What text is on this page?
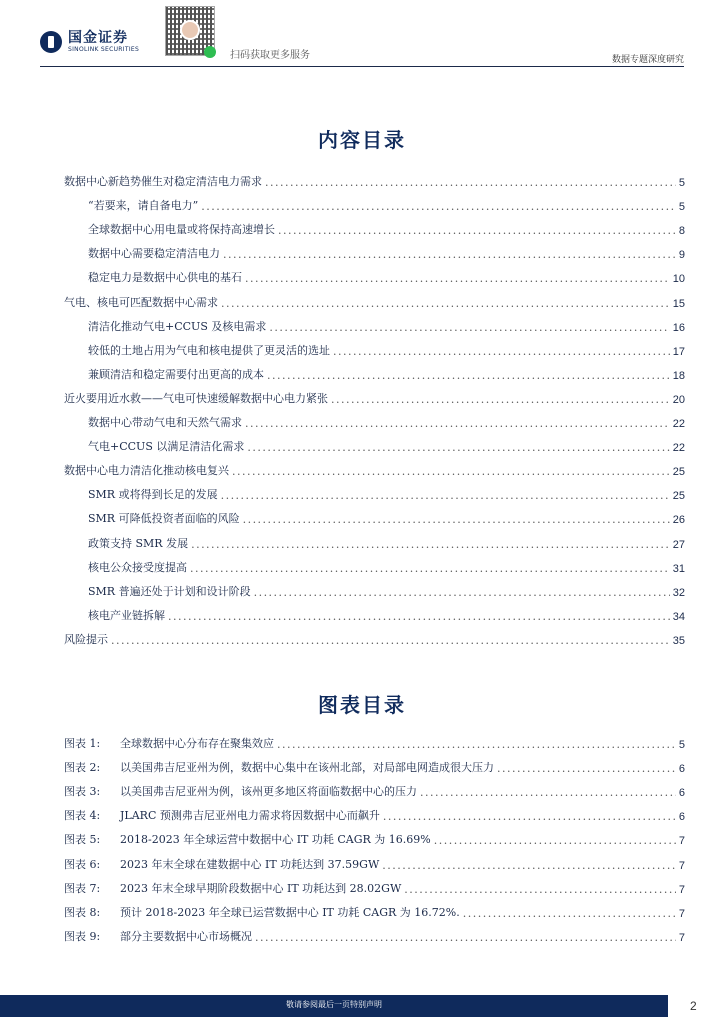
国金证券
SINOLINK SECURITIES
扫码获取更多服务	数据专题深度研究
内容目录
数据中心新趋势催生对稳定清洁电力需求 . . .	5
“若要来，请自备电力” . . .	5
全球数据中心用电量或将保持高速增长 . . .	8
数据中心需要稳定清洁电力 . . .	9
稳定电力是数据中心供电的基石 . . .	10
气电、核电可匹配数据中心需求 . . .	15
清洁化推动气电+CCUS 及核电需求 . . .	16
较低的土地占用为气电和核电提供了更灵活的选址 . . .	17
兼顾清洁和稳定需要付出更高的成本 . . .	18
近火要用近水救——气电可快速缓解数据中心电力紧张 . . .	20
数据中心带动气电和天然气需求 . . .	22
气电+CCUS 以满足清洁化需求 . . .	22
数据中心电力清洁化推动核电复兴 . . .	25
SMR 或将得到长足的发展 . . .	25
SMR 可降低投资者面临的风险 . . .	26
政策支持 SMR 发展 . . .	27
核电公众接受度提高 . . .	31
SMR 普遍还处于计划和设计阶段 . . .	32
核电产业链拆解 . . .	34
风险提示 . . .	35
图表目录
图表 1: 全球数据中心分布存在聚集效应 . . .	5
图表 2: 以美国弗吉尼亚州为例，数据中心集中在该州北部，对局部电网造成很大压力 . . .	6
图表 3: 以美国弗吉尼亚州为例，该州更多地区将面临数据中心的压力 . . .	6
图表 4: JLARC 预测弗吉尼亚州电力需求将因数据中心而飙升 . . .	6
图表 5: 2018-2023 年全球运营中数据中心 IT 功耗 CAGR 为 16.69% . . .	7
图表 6: 2023 年末全球在建数据中心 IT 功耗达到 37.59GW . . .	7
图表 7: 2023 年末全球早期阶段数据中心 IT 功耗达到 28.02GW . . .	7
图表 8: 预计 2018-2023 年全球已运营数据中心 IT 功耗 CAGR 为 16.72%. . . .	7
图表 9: 部分主要数据中心市场概况 . . .	7
敬请参阅最后一页特别声明	2
